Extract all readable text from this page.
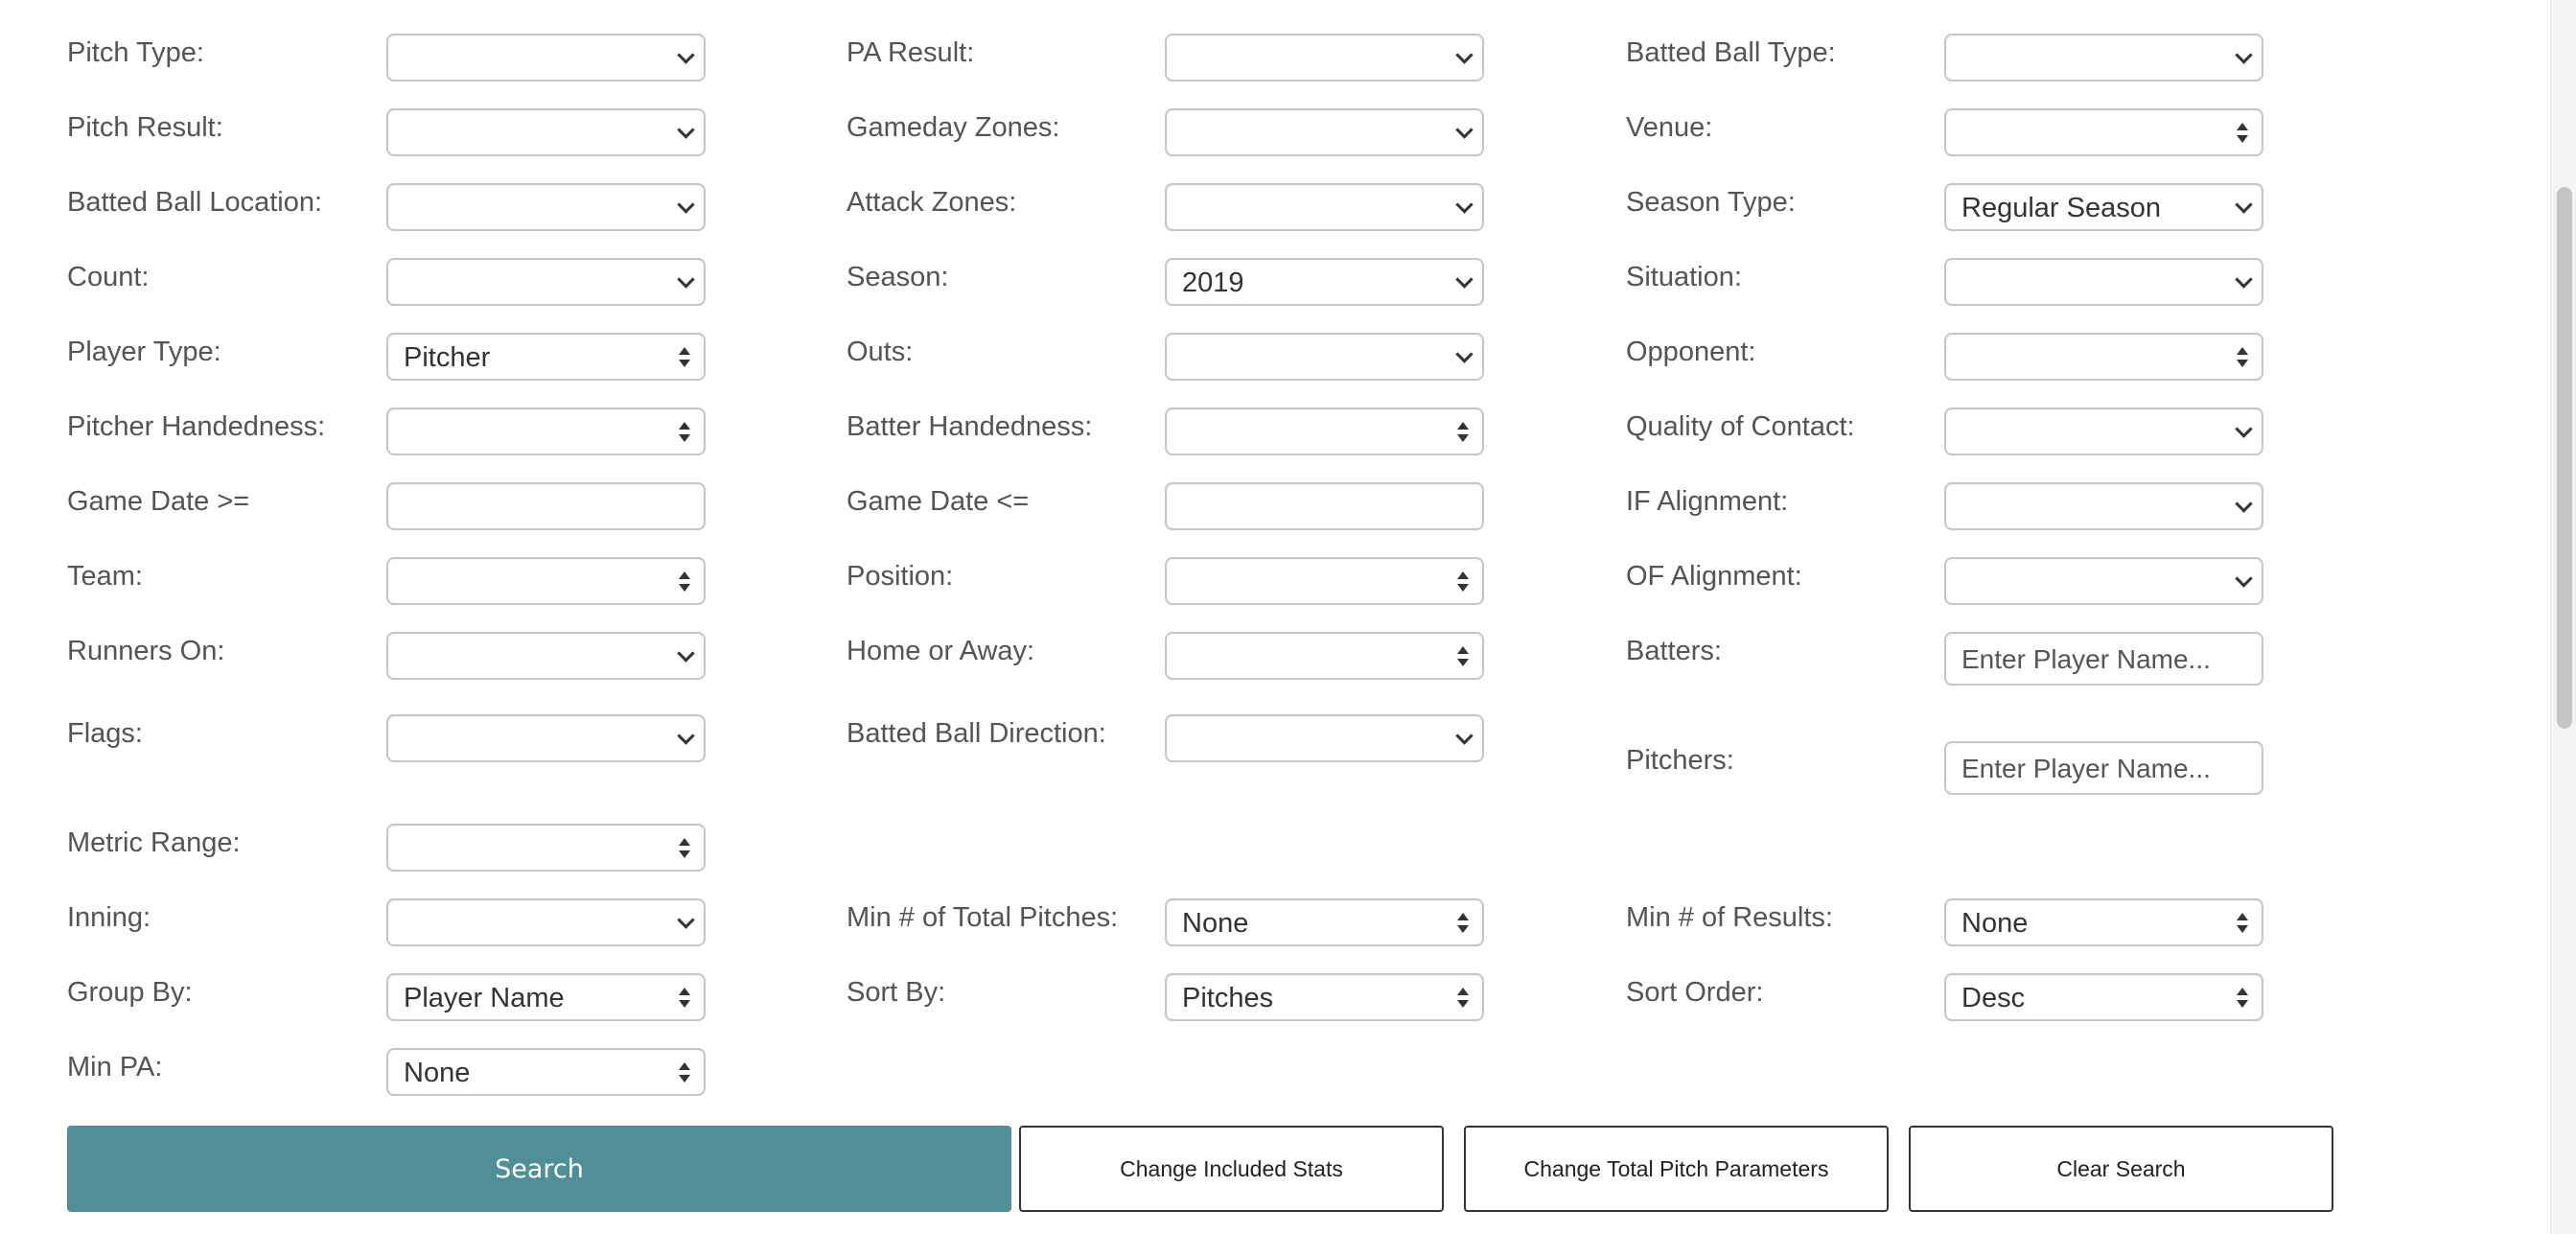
Pitch Type:
Pitch Result:
Batted Ball Location:
Count:
Player Type:	Pitcher
Pitcher Handedness:
Game Date >=
Team:
Runners On:
Flags:
Metric Range:
Inning:
Group By:	Player Name
Min PA:	None
PA Result:
Gameday Zones:
Attack Zones:
Season:	2019
Outs:
Batter Handedness:
Game Date <=
Position:
Home or Away:
Batted Ball Direction:
Min # of Total Pitches: None
Sort By:	Pitches
Batted Ball Type:
Venue:
Season Type:	Regular Season
Situation:
Opponent:
Quality of Contact:
IF Alignment:
OF Alignment:
Batters:	Enter Player Name...
Pitchers:	Enter Player Name...
Min # of Results:	None
Sort Order:	Desc
Search	Change Included Stats	Change Total Pitch Parameters	Clear Search
